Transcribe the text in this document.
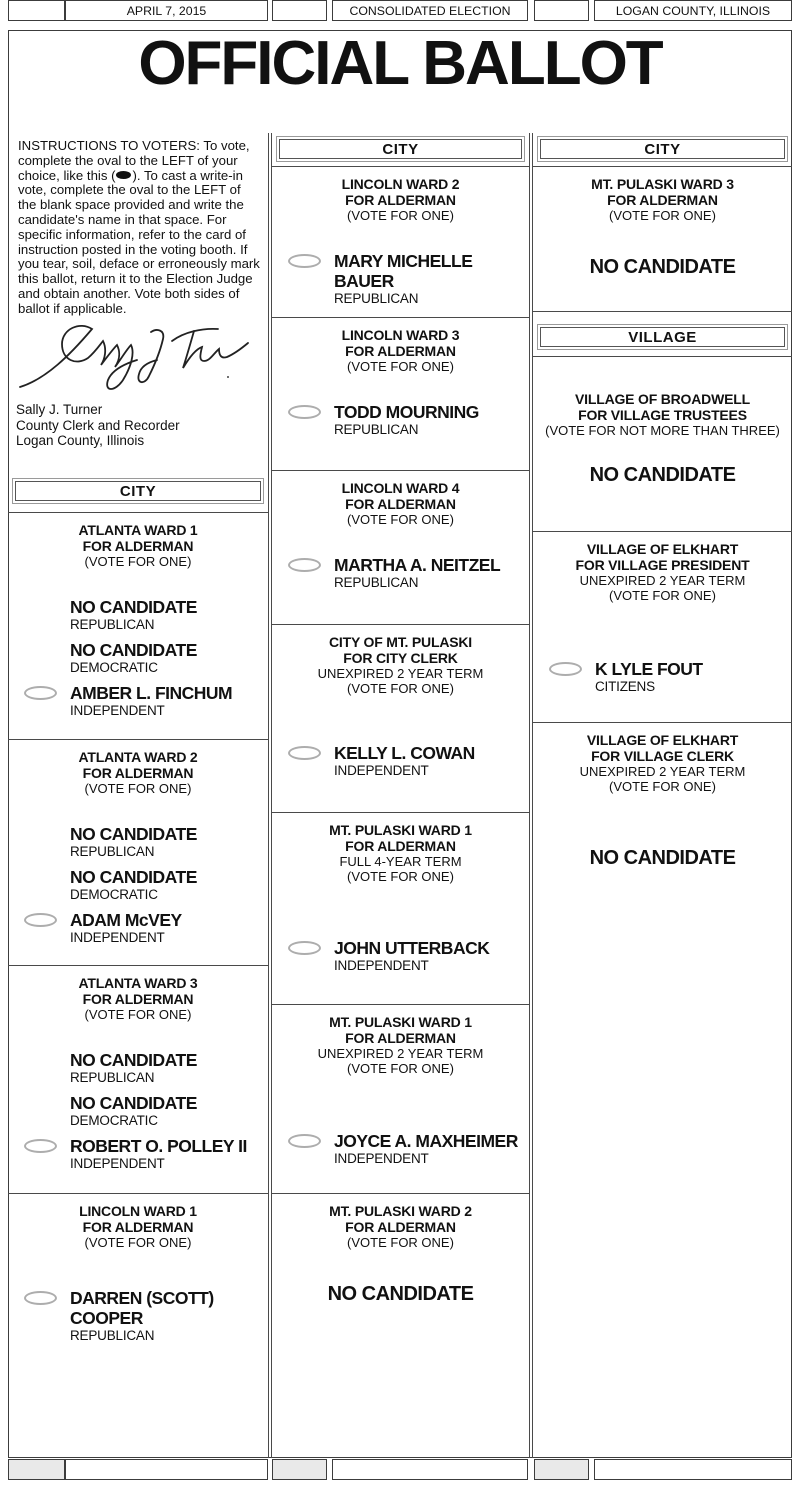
APRIL 7, 2015	CONSOLIDATED ELECTION	LOGAN COUNTY, ILLINOIS
OFFICIAL BALLOT

INSTRUCTIONS TO VOTERS: To vote, complete the oval to the LEFT of your choice, like this ( ). To cast a write-in vote, complete the oval to the LEFT of the blank space provided and write the candidate's name in that space. For specific information, refer to the card of instruction posted in the voting booth. If you tear, soil, deface or erroneously mark this ballot, return it to the Election Judge and obtain another. Vote both sides of ballot if applicable.

Sally J. Turner
County Clerk and Recorder
Logan County, Illinois
CITY
ATLANTA WARD 1
FOR ALDERMAN
(VOTE FOR ONE)
NO CANDIDATE
REPUBLICAN
NO CANDIDATE
DEMOCRATIC
AMBER L. FINCHUM
INDEPENDENT
ATLANTA WARD 2
FOR ALDERMAN
(VOTE FOR ONE)
NO CANDIDATE
REPUBLICAN
NO CANDIDATE
DEMOCRATIC
ADAM McVEY
INDEPENDENT
ATLANTA WARD 3
FOR ALDERMAN
(VOTE FOR ONE)
NO CANDIDATE
REPUBLICAN
NO CANDIDATE
DEMOCRATIC
ROBERT O. POLLEY II
INDEPENDENT
LINCOLN WARD 1
FOR ALDERMAN
(VOTE FOR ONE)
DARREN (SCOTT) COOPER
REPUBLICAN
CITY
LINCOLN WARD 2
FOR ALDERMAN
(VOTE FOR ONE)
MARY MICHELLE BAUER
REPUBLICAN
LINCOLN WARD 3
FOR ALDERMAN
(VOTE FOR ONE)
TODD MOURNING
REPUBLICAN
LINCOLN WARD 4
FOR ALDERMAN
(VOTE FOR ONE)
MARTHA A. NEITZEL
REPUBLICAN
CITY OF MT. PULASKI
FOR CITY CLERK
UNEXPIRED 2 YEAR TERM
(VOTE FOR ONE)
KELLY L. COWAN
INDEPENDENT
MT. PULASKI WARD 1
FOR ALDERMAN
FULL 4-YEAR TERM
(VOTE FOR ONE)
JOHN UTTERBACK
INDEPENDENT
MT. PULASKI WARD 1
FOR ALDERMAN
UNEXPIRED 2 YEAR TERM
(VOTE FOR ONE)
JOYCE A. MAXHEIMER
INDEPENDENT
MT. PULASKI WARD 2
FOR ALDERMAN
(VOTE FOR ONE)
NO CANDIDATE
CITY
MT. PULASKI WARD 3
FOR ALDERMAN
(VOTE FOR ONE)
NO CANDIDATE
VILLAGE
VILLAGE OF BROADWELL
FOR VILLAGE TRUSTEES
(VOTE FOR NOT MORE THAN THREE)
NO CANDIDATE
VILLAGE OF ELKHART
FOR VILLAGE PRESIDENT
UNEXPIRED 2 YEAR TERM
(VOTE FOR ONE)
K LYLE FOUT
CITIZENS
VILLAGE OF ELKHART
FOR VILLAGE CLERK
UNEXPIRED 2 YEAR TERM
(VOTE FOR ONE)
NO CANDIDATE
